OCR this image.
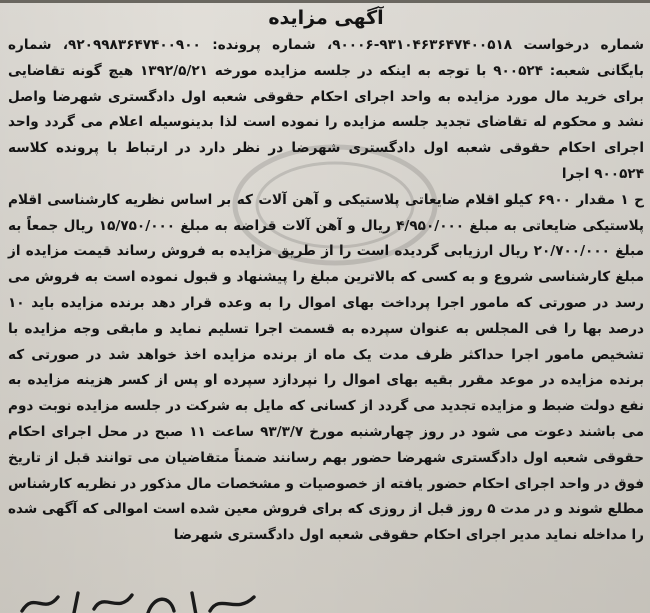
آگهی مزایده

شماره درخواست ۹۳۱۰۴۶۳۶۴۷۴۰۰۵۱۸-۹۰۰۰۶، شماره پرونده: ۹۲۰۹۹۸۳۶۴۷۴۰۰۹۰۰، شماره بایگانی شعبه: ۹۰۰۵۲۴ با توجه به اینکه در جلسه مزایده مورخه ۱۳۹۲/۵/۲۱ هیچ گونه تقاضایی برای خرید مال مورد مزایده به واحد اجرای احکام حقوقی شعبه اول دادگستری شهرضا واصل نشد و محکوم له تقاضای تجدید جلسه مزایده را نموده است لذا بدینوسیله اعلام می گردد واحد اجرای احکام حقوقی شعبه اول دادگستری شهرضا در نظر دارد در ارتباط با پرونده کلاسه ۹۰۰۵۲۴ اجرا

ح ۱ مقدار ۶۹۰۰ کیلو اقلام ضایعاتی پلاستیکی و آهن آلات که بر اساس نظریه کارشناسی اقلام پلاستیکی ضایعاتی به مبلغ ۴/۹۵۰/۰۰۰ ریال و آهن آلات قراضه به مبلغ ۱۵/۷۵۰/۰۰۰ ریال جمعاً به مبلغ ۲۰/۷۰۰/۰۰۰ ریال ارزیابی گردیده است را از طریق مزایده به فروش رساند قیمت مزایده از مبلغ کارشناسی شروع و به کسی که بالاترین مبلغ را پیشنهاد و قبول نموده است به فروش می رسد در صورتی که مامور اجرا پرداخت بهای اموال را به وعده قرار دهد برنده مزایده باید ۱۰ درصد بها را فی المجلس به عنوان سپرده به قسمت اجرا تسلیم نماید و مابقی وجه مزایده با تشخیص مامور اجرا حداکثر ظرف مدت یک ماه از برنده مزایده اخذ خواهد شد در صورتی که برنده مزایده در موعد مقرر بقیه بهای اموال را نپردازد سپرده او پس از کسر هزینه مزایده به نفع دولت ضبط و مزایده تجدید می گردد از کسانی که مایل به شرکت در جلسه مزایده نوبت دوم می باشند دعوت می شود در روز چهارشنبه مورخ ۹۳/۳/۷ ساعت ۱۱ صبح در محل اجرای احکام حقوقی شعبه اول دادگستری شهرضا حضور بهم رسانند ضمناً متقاضیان می توانند قبل از تاریخ فوق در واحد اجرای احکام حضور یافته از خصوصیات و مشخصات مال مذکور در نظریه کارشناس مطلع شوند و در مدت ۵ روز قبل از روزی که برای فروش معین شده است اموالی که آگهی شده را مداخله نماید مدیر اجرای احکام حقوقی شعبه اول دادگستری شهرضا
